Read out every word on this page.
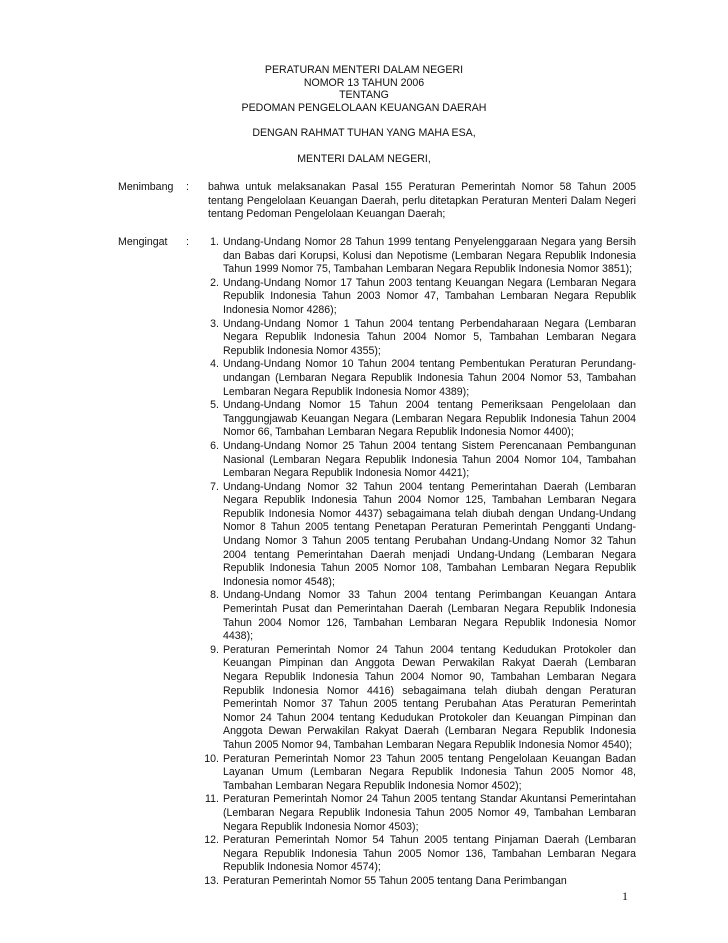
PERATURAN MENTERI DALAM NEGERI
NOMOR 13 TAHUN 2006
TENTANG
PEDOMAN PENGELOLAAN KEUANGAN DAERAH
DENGAN RAHMAT TUHAN YANG MAHA ESA,
MENTERI DALAM NEGERI,
Menimbang	: bahwa untuk melaksanakan Pasal 155 Peraturan Pemerintah Nomor 58 Tahun 2005 tentang Pengelolaan Keuangan Daerah, perlu ditetapkan Peraturan Menteri Dalam Negeri tentang Pedoman Pengelolaan Keuangan Daerah;
Mengingat	:	1. Undang-Undang Nomor 28 Tahun 1999 tentang Penyelenggaraan Negara yang Bersih dan Babas dari Korupsi, Kolusi dan Nepotisme (Lembaran Negara Republik Indonesia Tahun 1999 Nomor 75, Tambahan Lembaran Negara Republik Indonesia Nomor 3851);
2. Undang-Undang Nomor 17 Tahun 2003 tentang Keuangan Negara (Lembaran Negara Republik Indonesia Tahun 2003 Nomor 47, Tambahan Lembaran Negara Republik Indonesia Nomor 4286);
3. Undang-Undang Nomor 1 Tahun 2004 tentang Perbendaharaan Negara (Lembaran Negara Republik Indonesia Tahun 2004 Nomor 5, Tambahan Lembaran Negara Republik Indonesia Nomor 4355);
4. Undang-Undang Nomor 10 Tahun 2004 tentang Pembentukan Peraturan Perundang-undangan (Lembaran Negara Republik Indonesia Tahun 2004 Nomor 53, Tambahan Lembaran Negara Republik Indonesia Nomor 4389);
5. Undang-Undang Nomor 15 Tahun 2004 tentang Pemeriksaan Pengelolaan dan Tanggungjawab Keuangan Negara (Lembaran Negara Republik Indonesia Tahun 2004 Nomor 66, Tambahan Lembaran Negara Republik Indonesia Nomor 4400);
6. Undang-Undang Nomor 25 Tahun 2004 tentang Sistem Perencanaan Pembangunan Nasional (Lembaran Negara Republik Indonesia Tahun 2004 Nomor 104, Tambahan Lembaran Negara Republik Indonesia Nomor 4421);
7. Undang-Undang Nomor 32 Tahun 2004 tentang Pemerintahan Daerah (Lembaran Negara Republik Indonesia Tahun 2004 Nomor 125, Tambahan Lembaran Negara Republik Indonesia Nomor 4437) sebagaimana telah diubah dengan Undang-Undang Nomor 8 Tahun 2005 tentang Penetapan Peraturan Pemerintah Pengganti Undang-Undang Nomor 3 Tahun 2005 tentang Perubahan Undang-Undang Nomor 32 Tahun 2004 tentang Pemerintahan Daerah menjadi Undang-Undang (Lembaran Negara Republik Indonesia Tahun 2005 Nomor 108, Tambahan Lembaran Negara Republik Indonesia nomor 4548);
8. Undang-Undang Nomor 33 Tahun 2004 tentang Perimbangan Keuangan Antara Pemerintah Pusat dan Pemerintahan Daerah (Lembaran Negara Republik Indonesia Tahun 2004 Nomor 126, Tambahan Lembaran Negara Republik Indonesia Nomor 4438);
9. Peraturan Pemerintah Nomor 24 Tahun 2004 tentang Kedudukan Protokoler dan Keuangan Pimpinan dan Anggota Dewan Perwakilan Rakyat Daerah (Lembaran Negara Republik Indonesia Tahun 2004 Nomor 90, Tambahan Lembaran Negara Republik Indonesia Nomor 4416) sebagaimana telah diubah dengan Peraturan Pemerintah Nomor 37 Tahun 2005 tentang Perubahan Atas Peraturan Pemerintah Nomor 24 Tahun 2004 tentang Kedudukan Protokoler dan Keuangan Pimpinan dan Anggota Dewan Perwakilan Rakyat Daerah (Lembaran Negara Republik Indonesia Tahun 2005 Nomor 94, Tambahan Lembaran Negara Republik Indonesia Nomor 4540);
10. Peraturan Pemerintah Nomor 23 Tahun 2005 tentang Pengelolaan Keuangan Badan Layanan Umum (Lembaran Negara Republik Indonesia Tahun 2005 Nomor 48, Tambahan Lembaran Negara Republik Indonesia Nomor 4502);
11. Peraturan Pemerintah Nomor 24 Tahun 2005 tentang Standar Akuntansi Pemerintahan (Lembaran Negara Republik Indonesia Tahun 2005 Nomor 49, Tambahan Lembaran Negara Republik Indonesia Nomor 4503);
12. Peraturan Pemerintah Nomor 54 Tahun 2005 tentang Pinjaman Daerah (Lembaran Negara Republik Indonesia Tahun 2005 Nomor 136, Tambahan Lembaran Negara Republik Indonesia Nomor 4574);
13. Peraturan Pemerintah Nomor 55 Tahun 2005 tentang Dana Perimbangan
1
